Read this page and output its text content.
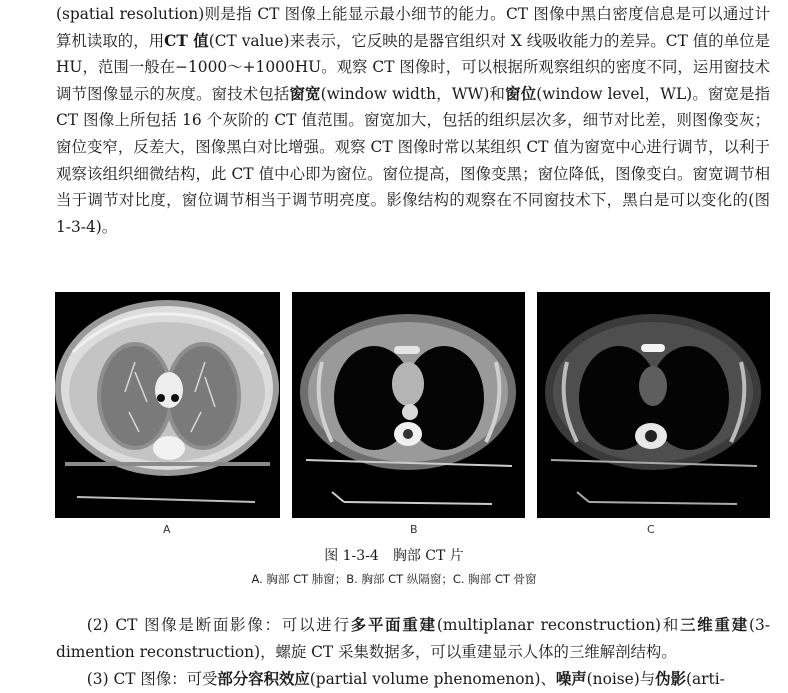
(spatial resolution)则是指 CT 图像上能显示最小细节的能力。CT 图像中黑白密度信息是可以通过计算机读取的，用CT 值(CT value)来表示，它反映的是器官组织对 X 线吸收能力的差异。CT 值的单位是 HU，范围一般在−1000～+1000HU。观察 CT 图像时，可以根据所观察组织的密度不同，运用窗技术调节图像显示的灰度。窗技术包括窗宽(window width，WW)和窗位(window level，WL)。窗宽是指 CT 图像上所包括 16 个灰阶的 CT 值范围。窗宽加大，包括的组织层次多，细节对比差，则图像变灰；窗位变窄，反差大，图像黑白对比增强。观察 CT 图像时常以某组织 CT 值为窗宽中心进行调节，以利于观察该组织细微结构，此 CT 值中心即为窗位。窗位提高，图像变黑；窗位降低，图像变白。窗宽调节相当于调节对比度，窗位调节相当于调节明亮度。影像结构的观察在不同窗技术下，黑白是可以变化的(图 1-3-4)。

A	B	C

图 1-3-4　胸部 CT 片

A. 胸部 CT 肺窗；B. 胸部 CT 纵隔窗；C. 胸部 CT 骨窗

(2) CT 图像是断面影像：可以进行多平面重建(multiplanar reconstruction)和三维重建(3-dimention reconstruction)，螺旋 CT 采集数据多，可以重建显示人体的三维解剖结构。

(3) CT 图像：可受部分容积效应(partial volume phenomenon)、噪声(noise)与伪影(arti-
